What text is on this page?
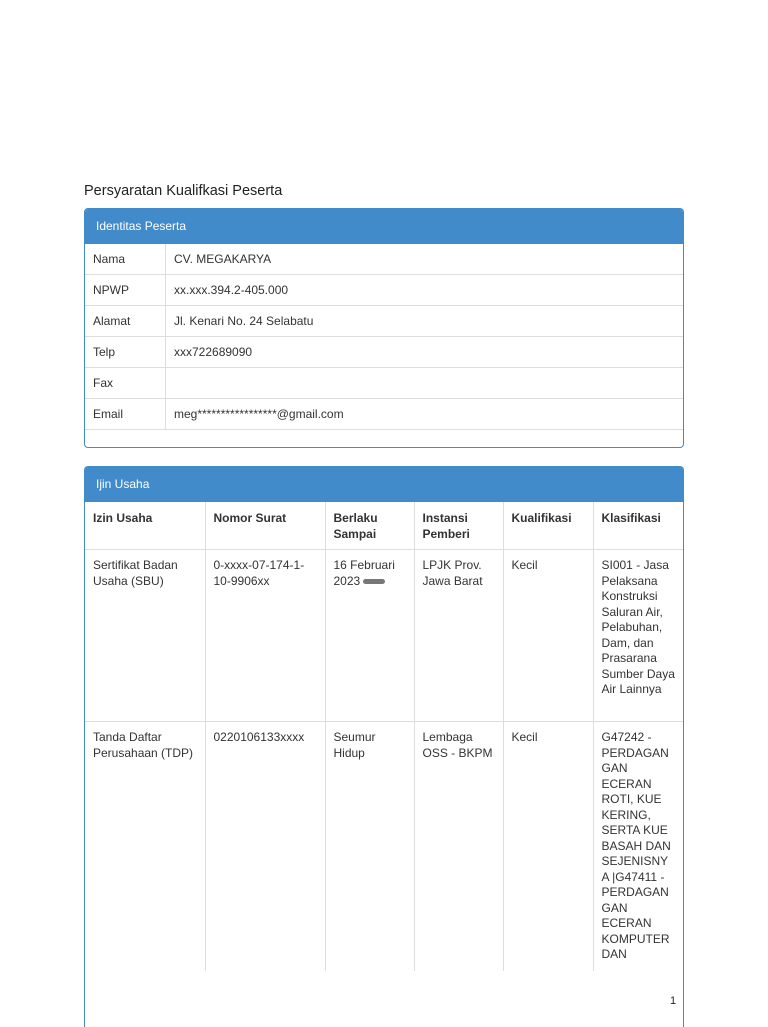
Persyaratan Kualifkasi Peserta
Identitas Peserta
Nama	CV. MEGAKARYA
NPWP	xx.xxx.394.2-405.000
Alamat	Jl. Kenari No. 24 Selabatu
Telp	xxx722689090
Fax	
Email	meg*****************@gmail.com
Ijin Usaha
Izin Usaha	Nomor Surat	Berlaku Sampai	Instansi Pemberi	Kualifikasi	Klasifikasi
Sertifikat Badan Usaha (SBU)	0-xxxx-07-174-1-10-9906xx	16 Februari 2023	LPJK Prov. Jawa Barat	Kecil	SI001 - Jasa Pelaksana Konstruksi Saluran Air, Pelabuhan, Dam, dan Prasarana Sumber Daya Air Lainnya
Tanda Daftar Perusahaan (TDP)	0220106133xxxx	Seumur Hidup	Lembaga OSS - BKPM	Kecil	G47242 - PERDAGANGAN ECERAN ROTI, KUE KERING, SERTA KUE BASAH DAN SEJENISNYA |G47411 - PERDAGANGAN ECERAN KOMPUTER DAN
1
